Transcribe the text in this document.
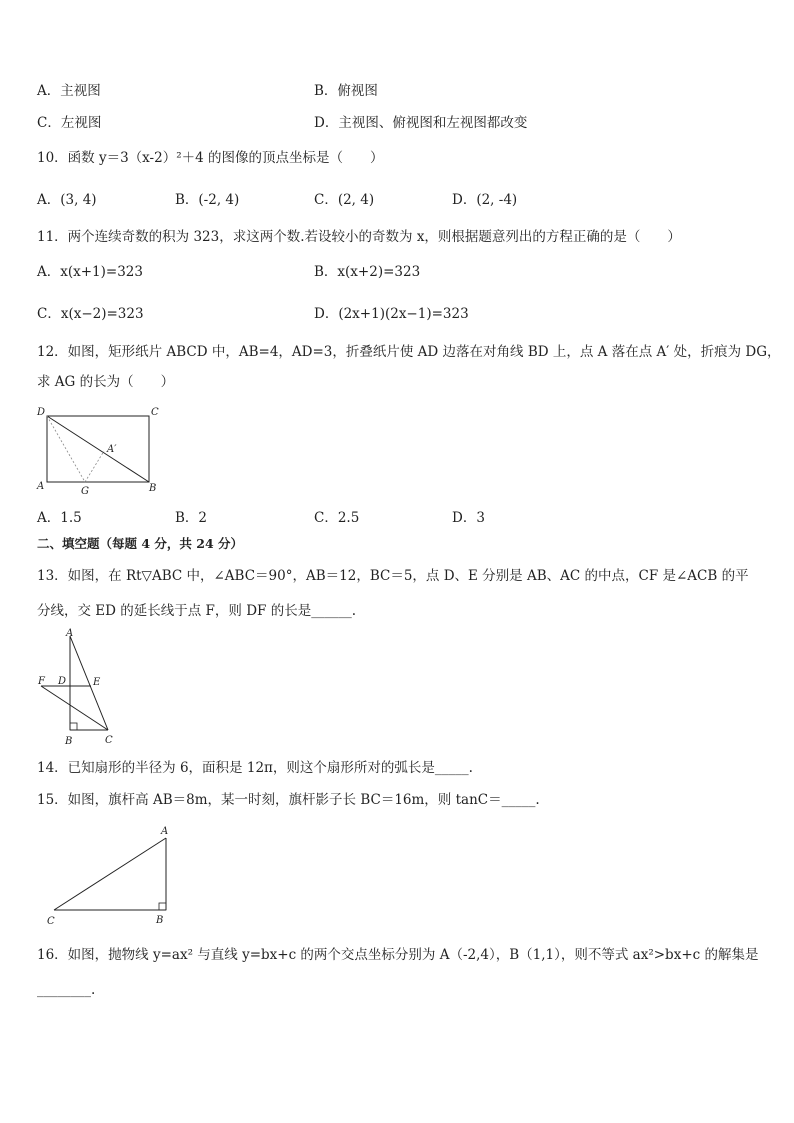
A．主视图	B．俯视图
C．左视图	D．主视图、俯视图和左视图都改变
10．函数 y＝3（x-2）²＋4 的图像的顶点坐标是（　　）
A．(3, 4)	B．(-2, 4)	C．(2, 4)	D．(2, -4)
11．两个连续奇数的积为 323，求这两个数.若设较小的奇数为 x，则根据题意列出的方程正确的是（　　）
A．x(x+1)=323	B．x(x+2)=323
C．x(x−2)=323	D．(2x+1)(2x−1)=323
12．如图，矩形纸片 ABCD 中，AB=4，AD=3，折叠纸片使 AD 边落在对角线 BD 上，点 A 落在点 A′ 处，折痕为 DG，
求 AG 的长为（　　）
D	C
A	B
G
A′
A．1.5	B．2	C．2.5	D．3
二、填空题（每题 4 分，共 24 分）
13．如图，在 Rt▽ABC 中，∠ABC＝90°，AB＝12，BC＝5，点 D、E 分别是 AB、AC 的中点，CF 是∠ACB 的平
分线，交 ED 的延长线于点 F，则 DF 的长是______.
A
F D	E
B	C
14．已知扇形的半径为 6，面积是 12π，则这个扇形所对的弧长是_____.
15．如图，旗杆高 AB＝8m，某一时刻，旗杆影子长 BC＝16m，则 tanC＝_____.
A
B
C
16．如图，抛物线 y=ax² 与直线 y=bx+c 的两个交点坐标分别为 A（-2,4），B（1,1），则不等式 ax²>bx+c 的解集是
________.
